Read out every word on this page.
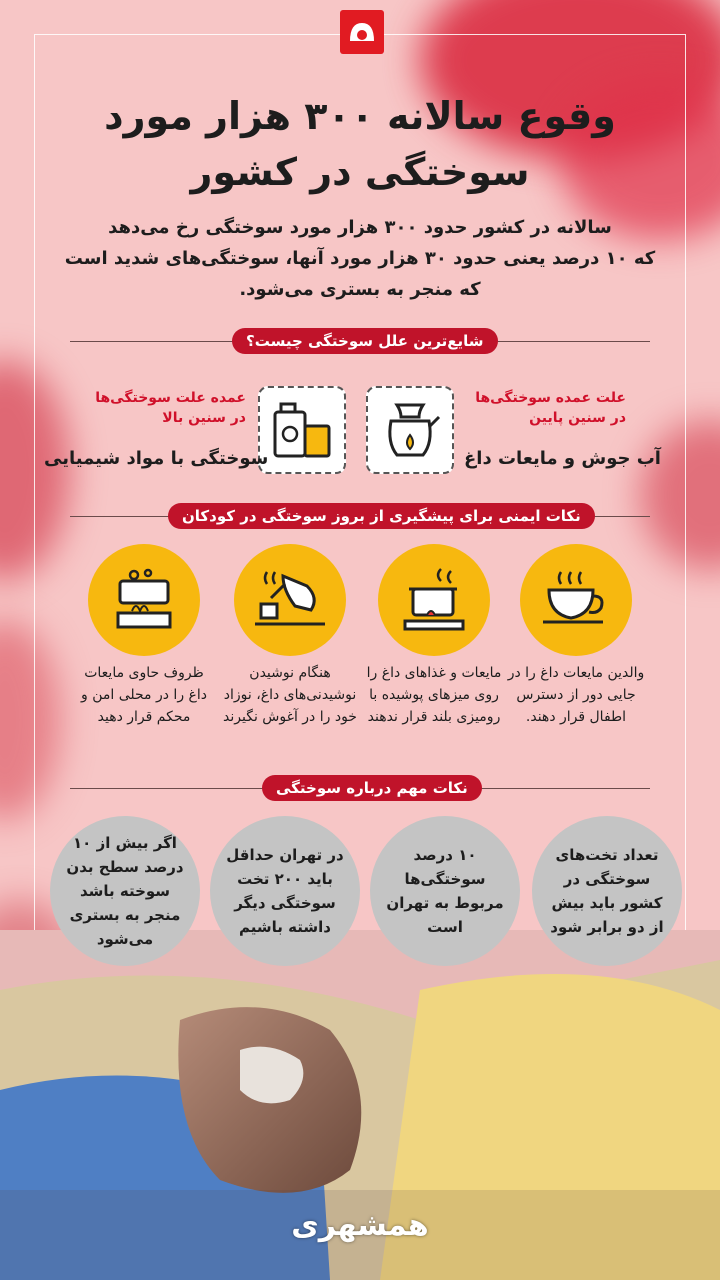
وقوع سالانه ۳۰۰ هزار مورد
سوختگی در کشور
سالانه در کشور حدود ۳۰۰ هزار مورد سوختگی رخ می‌دهد
که ۱۰ درصد یعنی حدود ۳۰ هزار مورد آنها، سوختگی‌های شدید است
که منجر به بستری می‌شود.
شایع‌ترین علل سوختگی چیست؟
علت عمده سوختگی‌ها
در سنین پایین
آب جوش و مایعات داغ
عمده علت سوختگی‌ها
در سنین بالا
سوختگی با مواد شیمیایی
نکات ایمنی برای پیشگیری از بروز سوختگی در کودکان
والدین مایعات داغ را در جایی دور از دسترس اطفال قرار دهند.
مایعات و غذاهای داغ را روی میزهای پوشیده با رومیزی بلند قرار ندهند
هنگام نوشیدن نوشیدنی‌های داغ، نوزاد خود را در آغوش نگیرند
ظروف حاوی مایعات داغ را در محلی امن و محکم قرار دهید
نکات مهم درباره سوختگی
تعداد تخت‌های سوختگی در کشور باید بیش از دو برابر شود
۱۰ درصد سوختگی‌ها مربوط به تهران است
در تهران حداقل باید ۲۰۰ تخت سوختگی دیگر داشته باشیم
اگر بیش از ۱۰ درصد سطح بدن سوخته باشد منجر به بستری می‌شود
همشهری
